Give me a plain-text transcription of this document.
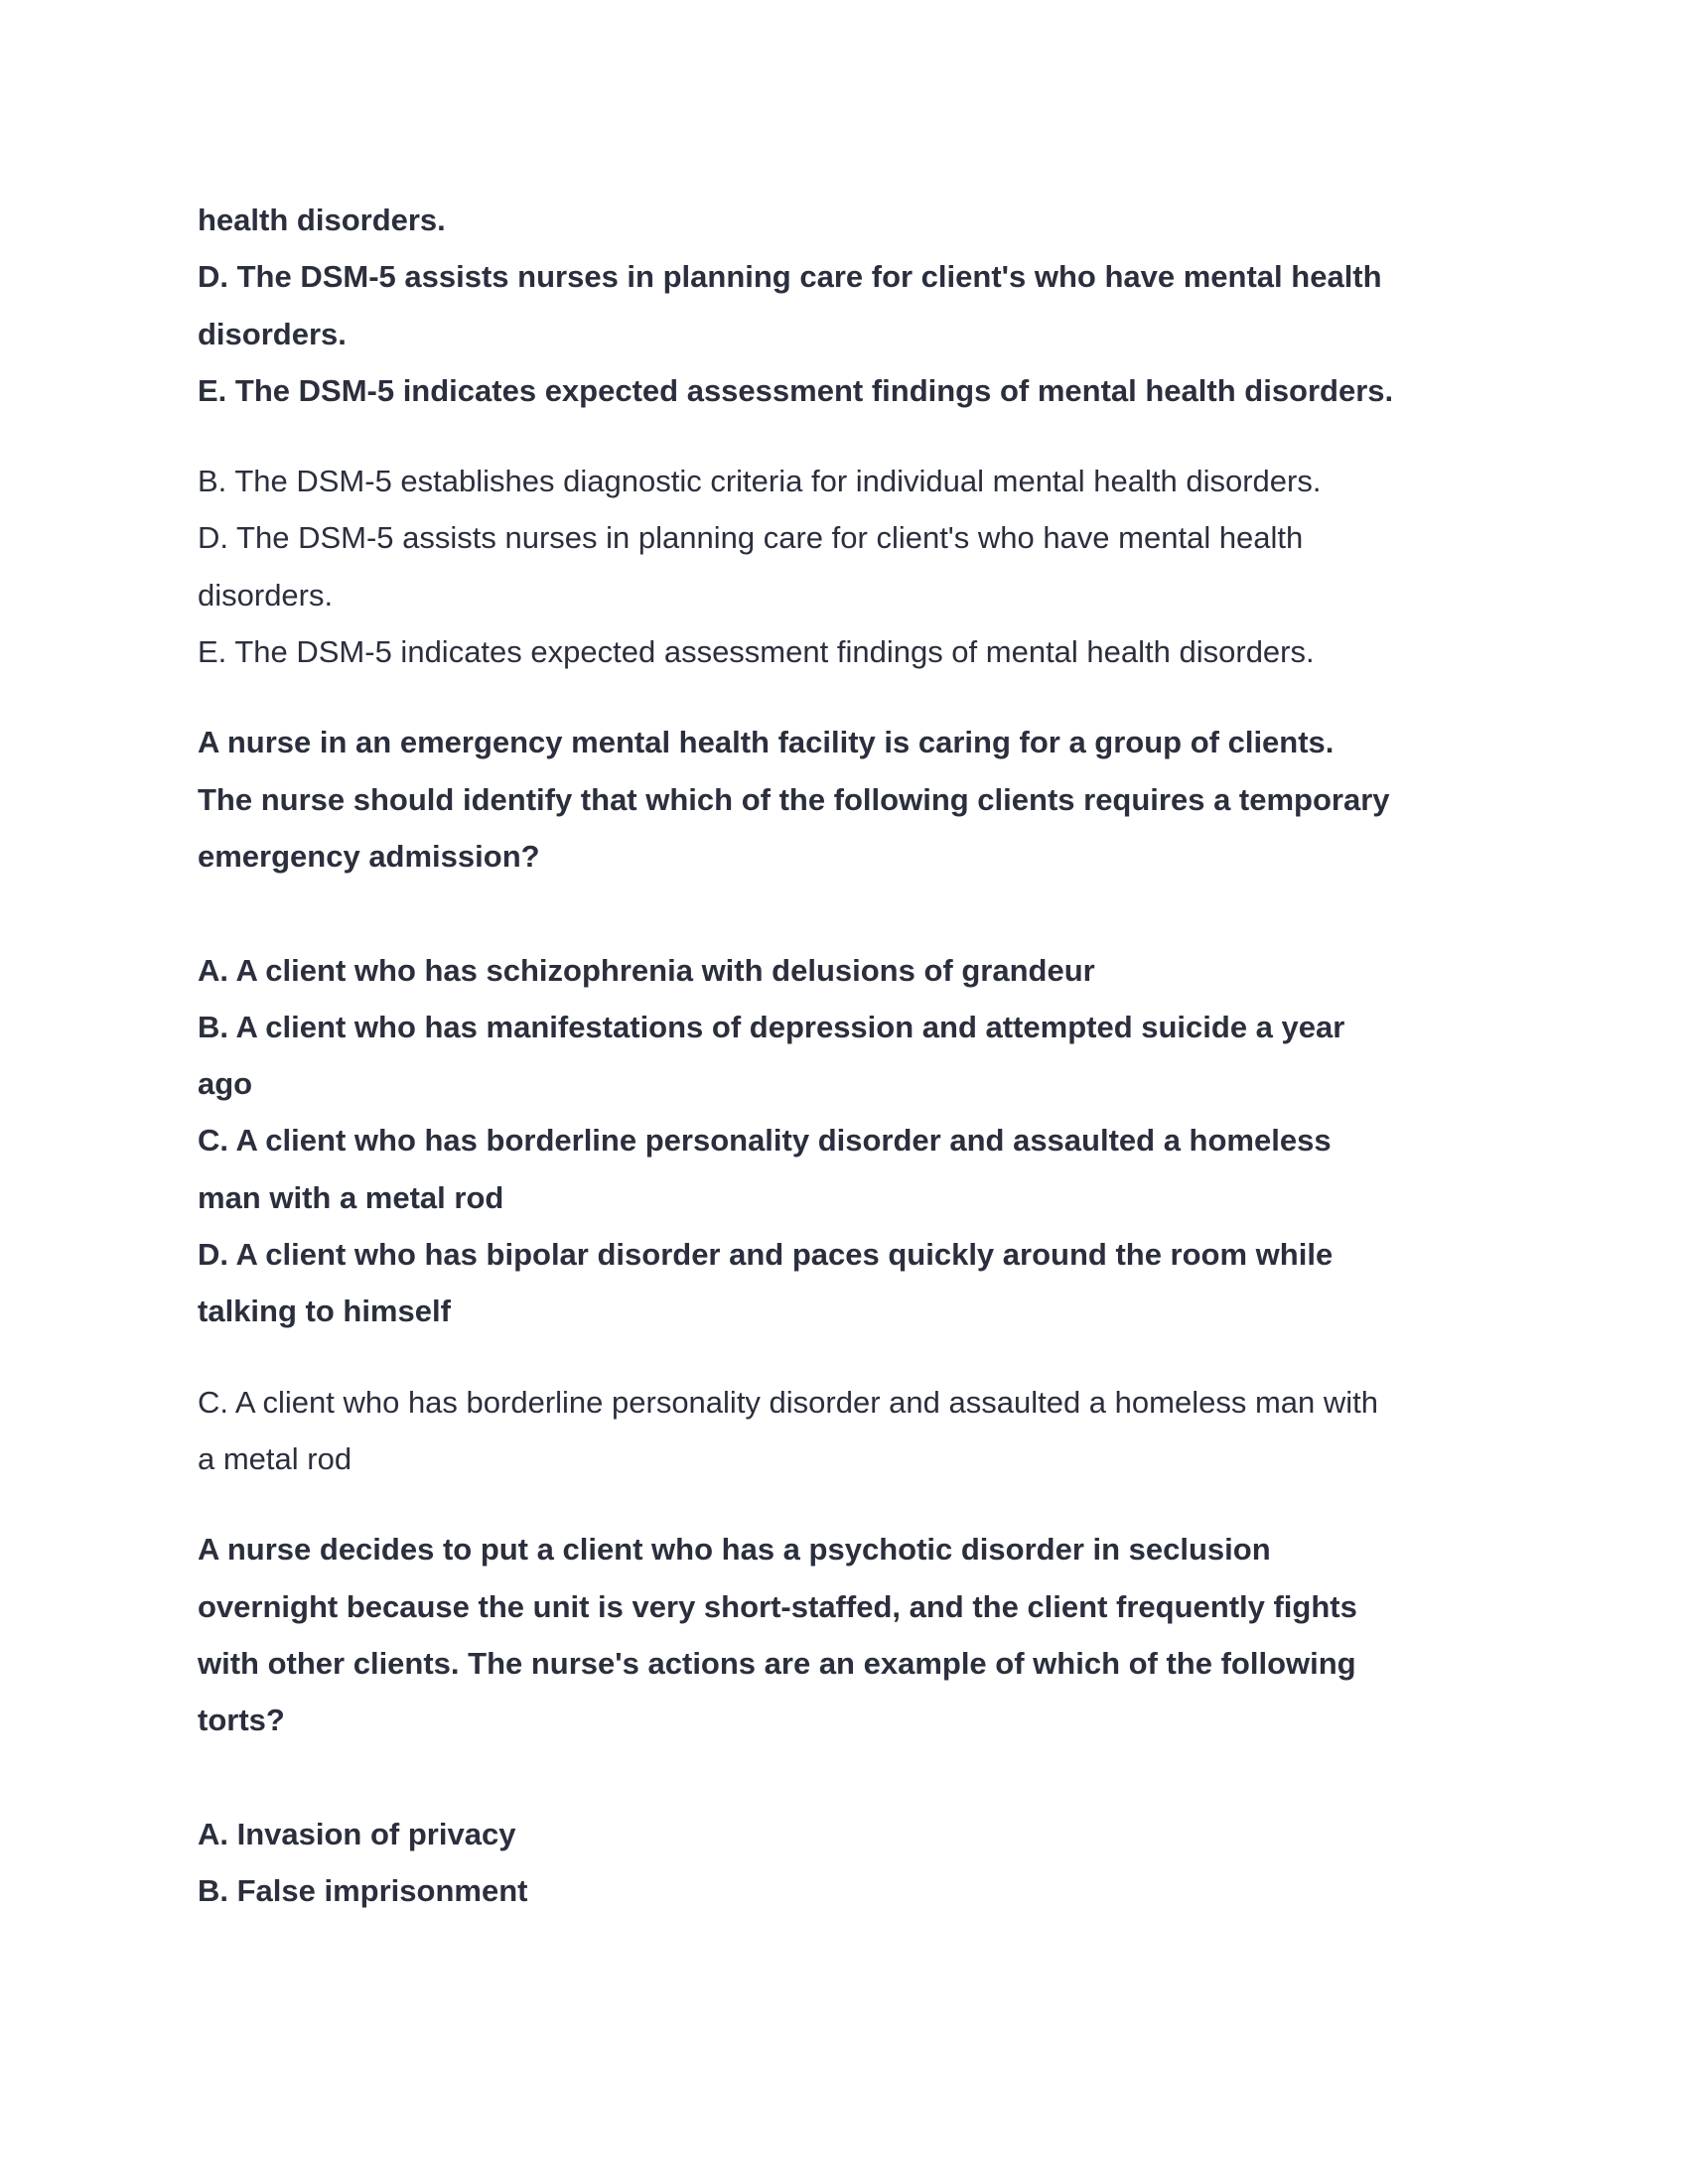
health disorders.
D. The DSM-5 assists nurses in planning care for client's who have mental health
disorders.
E. The DSM-5 indicates expected assessment findings of mental health disorders.
B. The DSM-5 establishes diagnostic criteria for individual mental health disorders.
D. The DSM-5 assists nurses in planning care for client's who have mental health
disorders.
E. The DSM-5 indicates expected assessment findings of mental health disorders.
A nurse in an emergency mental health facility is caring for a group of clients.
The nurse should identify that which of the following clients requires a temporary
emergency admission?
A. A client who has schizophrenia with delusions of grandeur
B. A client who has manifestations of depression and attempted suicide a year
ago
C. A client who has borderline personality disorder and assaulted a homeless
man with a metal rod
D. A client who has bipolar disorder and paces quickly around the room while
talking to himself
C. A client who has borderline personality disorder and assaulted a homeless man with
a metal rod
A nurse decides to put a client who has a psychotic disorder in seclusion
overnight because the unit is very short-staffed, and the client frequently fights
with other clients. The nurse's actions are an example of which of the following
torts?
A. Invasion of privacy
B. False imprisonment
